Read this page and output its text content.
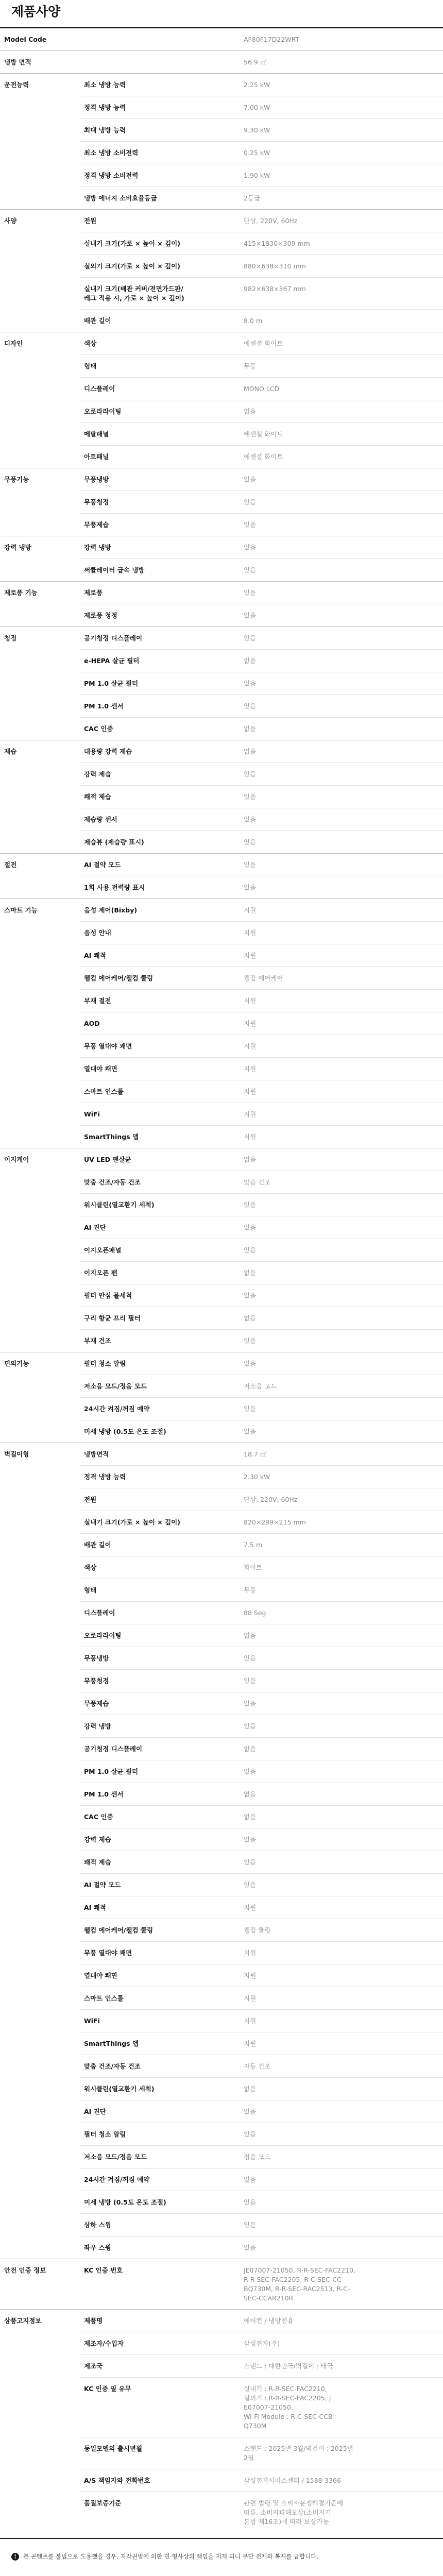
제품사양
Model Code		AF80F17D22WRT

냉방 면적		56.9 ㎡

운전능력	최소 냉방 능력	2.25 kW

	정격 냉방 능력	7.00 kW

	최대 냉방 능력	9.30 kW

	최소 냉방 소비전력	0.25 kW

	정격 냉방 소비전력	1.90 kW

	냉방 에너지 소비효율등급	2등급

사양	전원	단상, 220V, 60Hz

	실내기 크기(가로 × 높이 × 깊이)	415×1830×309 mm

	실외기 크기(가로 × 높이 × 깊이)	880×638×310 mm

	실내기 크기(배관 커버/전면가드판/
레그 적용 시, 가로 × 높이 × 깊이)	982×638×367 mm

	배관 길이	8.0 m

디자인	색상	에센셜 화이트

	형태	무풍

	디스플레이	MONO LCD

	오로라라이팅	없음

	메탈패널	에센셜 화이트

	아트패널	에센셜 화이트

무풍기능	무풍냉방	있음

	무풍청정	있음

	무풍제습	있음

강력 냉방	강력 냉방	있음

	써큘레이터 급속 냉방	있음

제로풍 기능	제로풍	있음

	제로풍 청정	있음

청정	공기청정 디스플레이	있음

	e-HEPA 살균 필터	없음

	PM 1.0 살균 필터	있음

	PM 1.0 센서	있음

	CAC 인증	없음

제습	대용량 강력 제습	없음

	강력 제습	있음

	쾌적 제습	있음

	제습량 센서	있음

	제습뷰 (제습량 표시)	있음

절전	AI 절약 모드	있음

	1회 사용 전력량 표시	있음

스마트 기능	음성 제어(Bixby)	지원

	음성 안내	지원

	AI 쾌적	지원

	웰컴 에어케어/웰컴 쿨링	웰컴 에어케어

	부재 절전	지원

	AOD	지원

	무풍 열대야 쾌면	지원

	열대야 쾌면	지원

	스마트 인스톨	지원

	WiFi	지원

	SmartThings 앱	지원

이지케어	UV LED 팬살균	없음

	맞춤 건조/자동 건조	맞춤 건조

	워시클린(열교환기 세척)	있음

	AI 진단	있음

	이지오픈패널	있음

	이지오픈 팬	없음

	필터 안심 물세척	있음

	구리 항균 프리 필터	없음

	부재 건조	있음

편의기능	필터 청소 알림	있음

	저소음 모드/정음 모드	저소음 모드

	24시간 켜짐/꺼짐 예약	있음

	미세 냉방 (0.5도 온도 조절)	있음

벽걸이형	냉방면적	18.7 ㎡

	정격 냉방 능력	2.30 kW

	전원	단상, 220V, 60Hz

	실내기 크기(가로 × 높이 × 깊이)	820×299×215 mm

	배관 길이	7.5 m

	색상	화이트

	형태	무풍

	디스플레이	88 Seg

	오로라라이팅	없음

	무풍냉방	있음

	무풍청정	있음

	무풍제습	있음

	강력 냉방	있음

	공기청정 디스플레이	없음

	PM 1.0 살균 필터	있음

	PM 1.0 센서	없음

	CAC 인증	없음

	강력 제습	있음

	쾌적 제습	있음

	AI 절약 모드	있음

	AI 쾌적	지원

	웰컴 에어케어/웰컴 쿨링	웰컴 쿨링

	무풍 열대야 쾌면	지원

	열대야 쾌면	지원

	스마트 인스톨	지원

	WiFi	지원

	SmartThings 앱	지원

	맞춤 건조/자동 건조	자동 건조

	워시클린(열교환기 세척)	없음

	AI 진단	있음

	필터 청소 알림	있음

	저소음 모드/정음 모드	정음 모드

	24시간 켜짐/꺼짐 예약	있음

	미세 냉방 (0.5도 온도 조절)	있음

	상하 스윙	있음

	좌우 스윙	있음

안전 인증 정보	KC 인증 번호	JE07007-21050, R-R-SEC-FAC2210,
R-R-SEC-FAC2205, R-C-SEC-CC
BQ730M, R-R-SEC-RAC2513, R-C-
SEC-CCAR210R

상품고지정보	제품명	에어컨 / 냉방전용

	제조자/수입자	삼성전자(주)

	제조국	스탠드 : 대한민국/벽걸이 : 태국

	KC 인증 필 유무	실내기 : R-R-SEC-FAC2210,
실외기 : R-R-SEC-FAC2205, J
E07007-21050,
Wi-Fi Module : R-C-SEC-CCB
Q730M

	동일모델의 출시년월	스탠드 : 2025년 3월/벽걸이 : 2025년
2월

	A/S 책임자와 전화번호	삼성전자서비스센터 / 1588-3366

	품질보증기준	관련 법령 및 소비자분쟁해결기준에
따름. 소비자피해보상(소비자기
본법 제16조)에 따라 보상가능
!	본 콘텐츠를 불법으로 도용했을 경우, 저작권법에 의한 민·형사상의 책임을 지게 되니 무단 전재와 복제를 금합니다.
